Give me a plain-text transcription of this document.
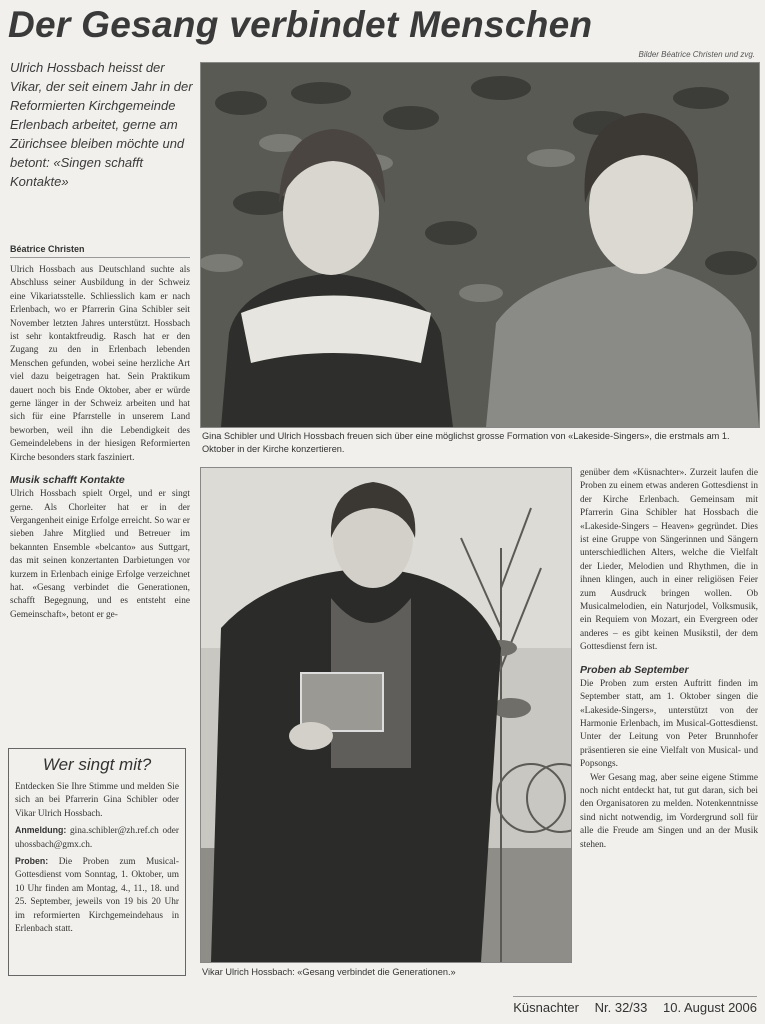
Der Gesang verbindet Menschen
Bilder Béatrice Christen und zvg.
Ulrich Hossbach heisst der Vikar, der seit einem Jahr in der Reformierten Kirchgemeinde Erlenbach arbeitet, gerne am Zürichsee bleiben möchte und betont: «Singen schafft Kontakte»
Béatrice Christen

Ulrich Hossbach aus Deutschland suchte als Abschluss seiner Ausbildung in der Schweiz eine Vikariatsstelle. Schliesslich kam er nach Erlenbach, wo er Pfarrerin Gina Schibler seit November letzten Jahres unterstützt. Hossbach ist sehr kontaktfreudig. Rasch hat er den Zugang zu den in Erlenbach lebenden Menschen gefunden, wobei seine herzliche Art viel dazu beigetragen hat. Sein Praktikum dauert noch bis Ende Oktober, aber er würde gerne länger in der Schweiz arbeiten und hat sich für eine Pfarrstelle in unserem Land beworben, weil ihn die Lebendigkeit des Gemeindelebens in der hiesigen Reformierten Kirche besonders stark fasziniert.

Musik schafft Kontakte

Ulrich Hossbach spielt Orgel, und er singt gerne. Als Chorleiter hat er in der Vergangenheit einige Erfolge erreicht. So war er sieben Jahre Mitglied und Betreuer im bekannten Ensemble «belcanto» aus Suttgart, das mit seinen konzertanten Darbietungen vor kurzem in Erlenbach einige Erfolge verzeichnet hat. «Gesang verbindet die Generationen, schafft Begegnung, und es entsteht eine Gemeinschaft», betont er ge-

Gina Schibler und Ulrich Hossbach freuen sich über eine möglichst grosse Formation von «Lakeside-Singers», die erstmals am 1. Oktober in der Kirche konzertieren.
Vikar Ulrich Hossbach: «Gesang verbindet die Generationen.»
Wer singt mit?

Entdecken Sie Ihre Stimme und melden Sie sich an bei Pfarrerin Gina Schibler oder Vikar Ulrich Hossbach.

Anmeldung: gina.schibler@zh.ref.ch oder uhossbach@gmx.ch.

Proben: Die Proben zum Musical-Gottesdienst vom Sonntag, 1. Oktober, um 10 Uhr finden am Montag, 4., 11., 18. und 25. September, jeweils von 19 bis 20 Uhr im reformierten Kirchgemeindehaus in Erlenbach statt.

genüber dem «Küsnachter». Zurzeit laufen die Proben zu einem etwas anderen Gottesdienst in der Kirche Erlenbach. Gemeinsam mit Pfarrerin Gina Schibler hat Hossbach die «Lakeside-Singers – Heaven» gegründet. Dies ist eine Gruppe von Sängerinnen und Sängern unterschiedlichen Alters, welche die Vielfalt der Lieder, Melodien und Rhythmen, die in ihnen klingen, auch in einer religiösen Feier zum Ausdruck bringen wollen. Ob Musicalmelodien, ein Naturjodel, Volksmusik, ein Requiem von Mozart, ein Evergreen oder anderes – es gibt keinen Musikstil, der dem Gottesdienst fern ist.

Proben ab September

Die Proben zum ersten Auftritt finden im September statt, am 1. Oktober singen die «Lakeside-Singers», unterstützt von der Harmonie Erlenbach, im Musical-Gottesdienst. Unter der Leitung von Peter Brunnhofer präsentieren sie eine Vielfalt von Musical- und Popsongs.

Wer Gesang mag, aber seine eigene Stimme noch nicht entdeckt hat, tut gut daran, sich bei den Organisatoren zu melden. Notenkenntnisse sind nicht notwendig, im Vordergrund soll für alle die Freude am Singen und an der Musik stehen.

Küsnachter Nr. 32/33 10. August 2006
